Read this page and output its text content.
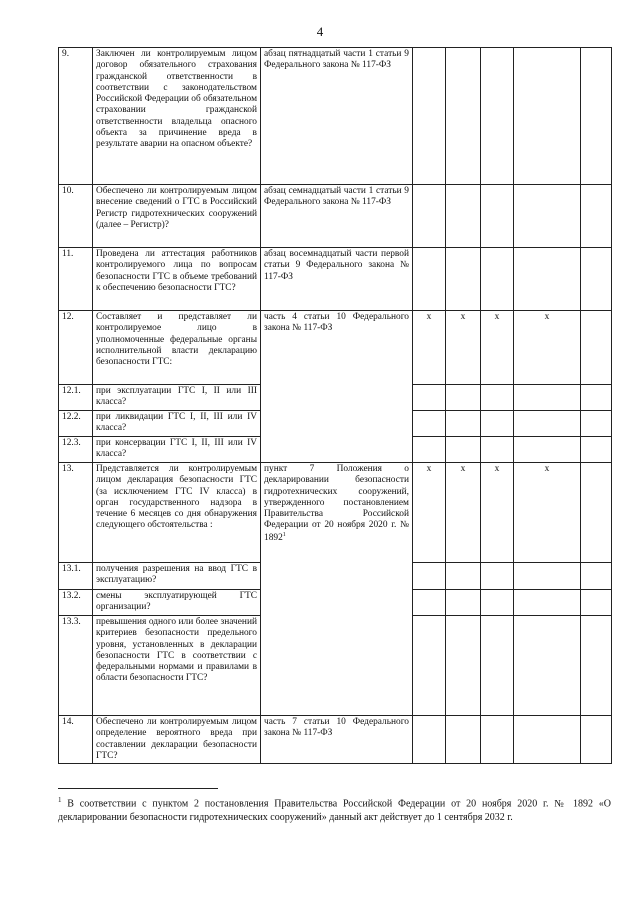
4
9.	Заключен ли контролируемым лицом договор обязательного страхования гражданской ответственности в соответствии с законодательством Российской Федерации об обязательном страховании гражданской ответственности владельца опасного объекта за причинение вреда в результате аварии на опасном объекте?	абзац пятнадцатый части 1 статьи 9 Федерального закона № 117-ФЗ					
10.	Обеспечено ли контролируемым лицом внесение сведений о ГТС в Российский Регистр гидротехнических сооружений (далее – Регистр)?	абзац семнадцатый части 1 статьи 9 Федерального закона № 117-ФЗ					
11.	Проведена ли аттестация работников контролируемого лица по вопросам безопасности ГТС в объеме требований к обеспечению безопасности ГТС?	абзац восемнадцатый части первой статьи 9 Федерального закона № 117-ФЗ					
12.	Составляет и представляет ли контролируемое лицо в уполномоченные федеральные органы исполнительной власти декларацию безопасности ГТС:	часть 4 статьи 10 Федерального закона № 117-ФЗ	х	х	х	х	
12.1.	при эксплуатации ГТС I, II или III класса?						
12.2.	при ликвидации ГТС I, II, III или IV класса?						
12.3.	при консервации ГТС I, II, III или IV класса?						
13.	Представляется ли контролируемым лицом декларация безопасности ГТС (за исключением ГТС IV класса) в орган государственного надзора в течение 6 месяцев со дня обнаружения следующего обстоятельства :	пункт 7 Положения о декларировании безопасности гидротехнических сооружений, утвержденного постановлением Правительства Российской Федерации от 20 ноября 2020 г. № 1892$^1$	х	х	х	х	
13.1.	получения разрешения на ввод ГТС в эксплуатацию?						
13.2.	смены эксплуатирующей ГТС организации?						
13.3.	превышения одного или более значений критериев безопасности предельного уровня, установленных в декларации безопасности ГТС в соответствии с федеральными нормами и правилами в области безопасности ГТС?						
14.	Обеспечено ли контролируемым лицом определение вероятного вреда при составлении декларации безопасности ГТС?	часть 7 статьи 10 Федерального закона № 117-ФЗ					
$^1$ В соответствии с пунктом 2 постановления Правительства Российской Федерации от 20 ноября 2020 г. № 1892 «О декларировании безопасности гидротехнических сооружений» данный акт действует до 1 сентября 2032 г.
